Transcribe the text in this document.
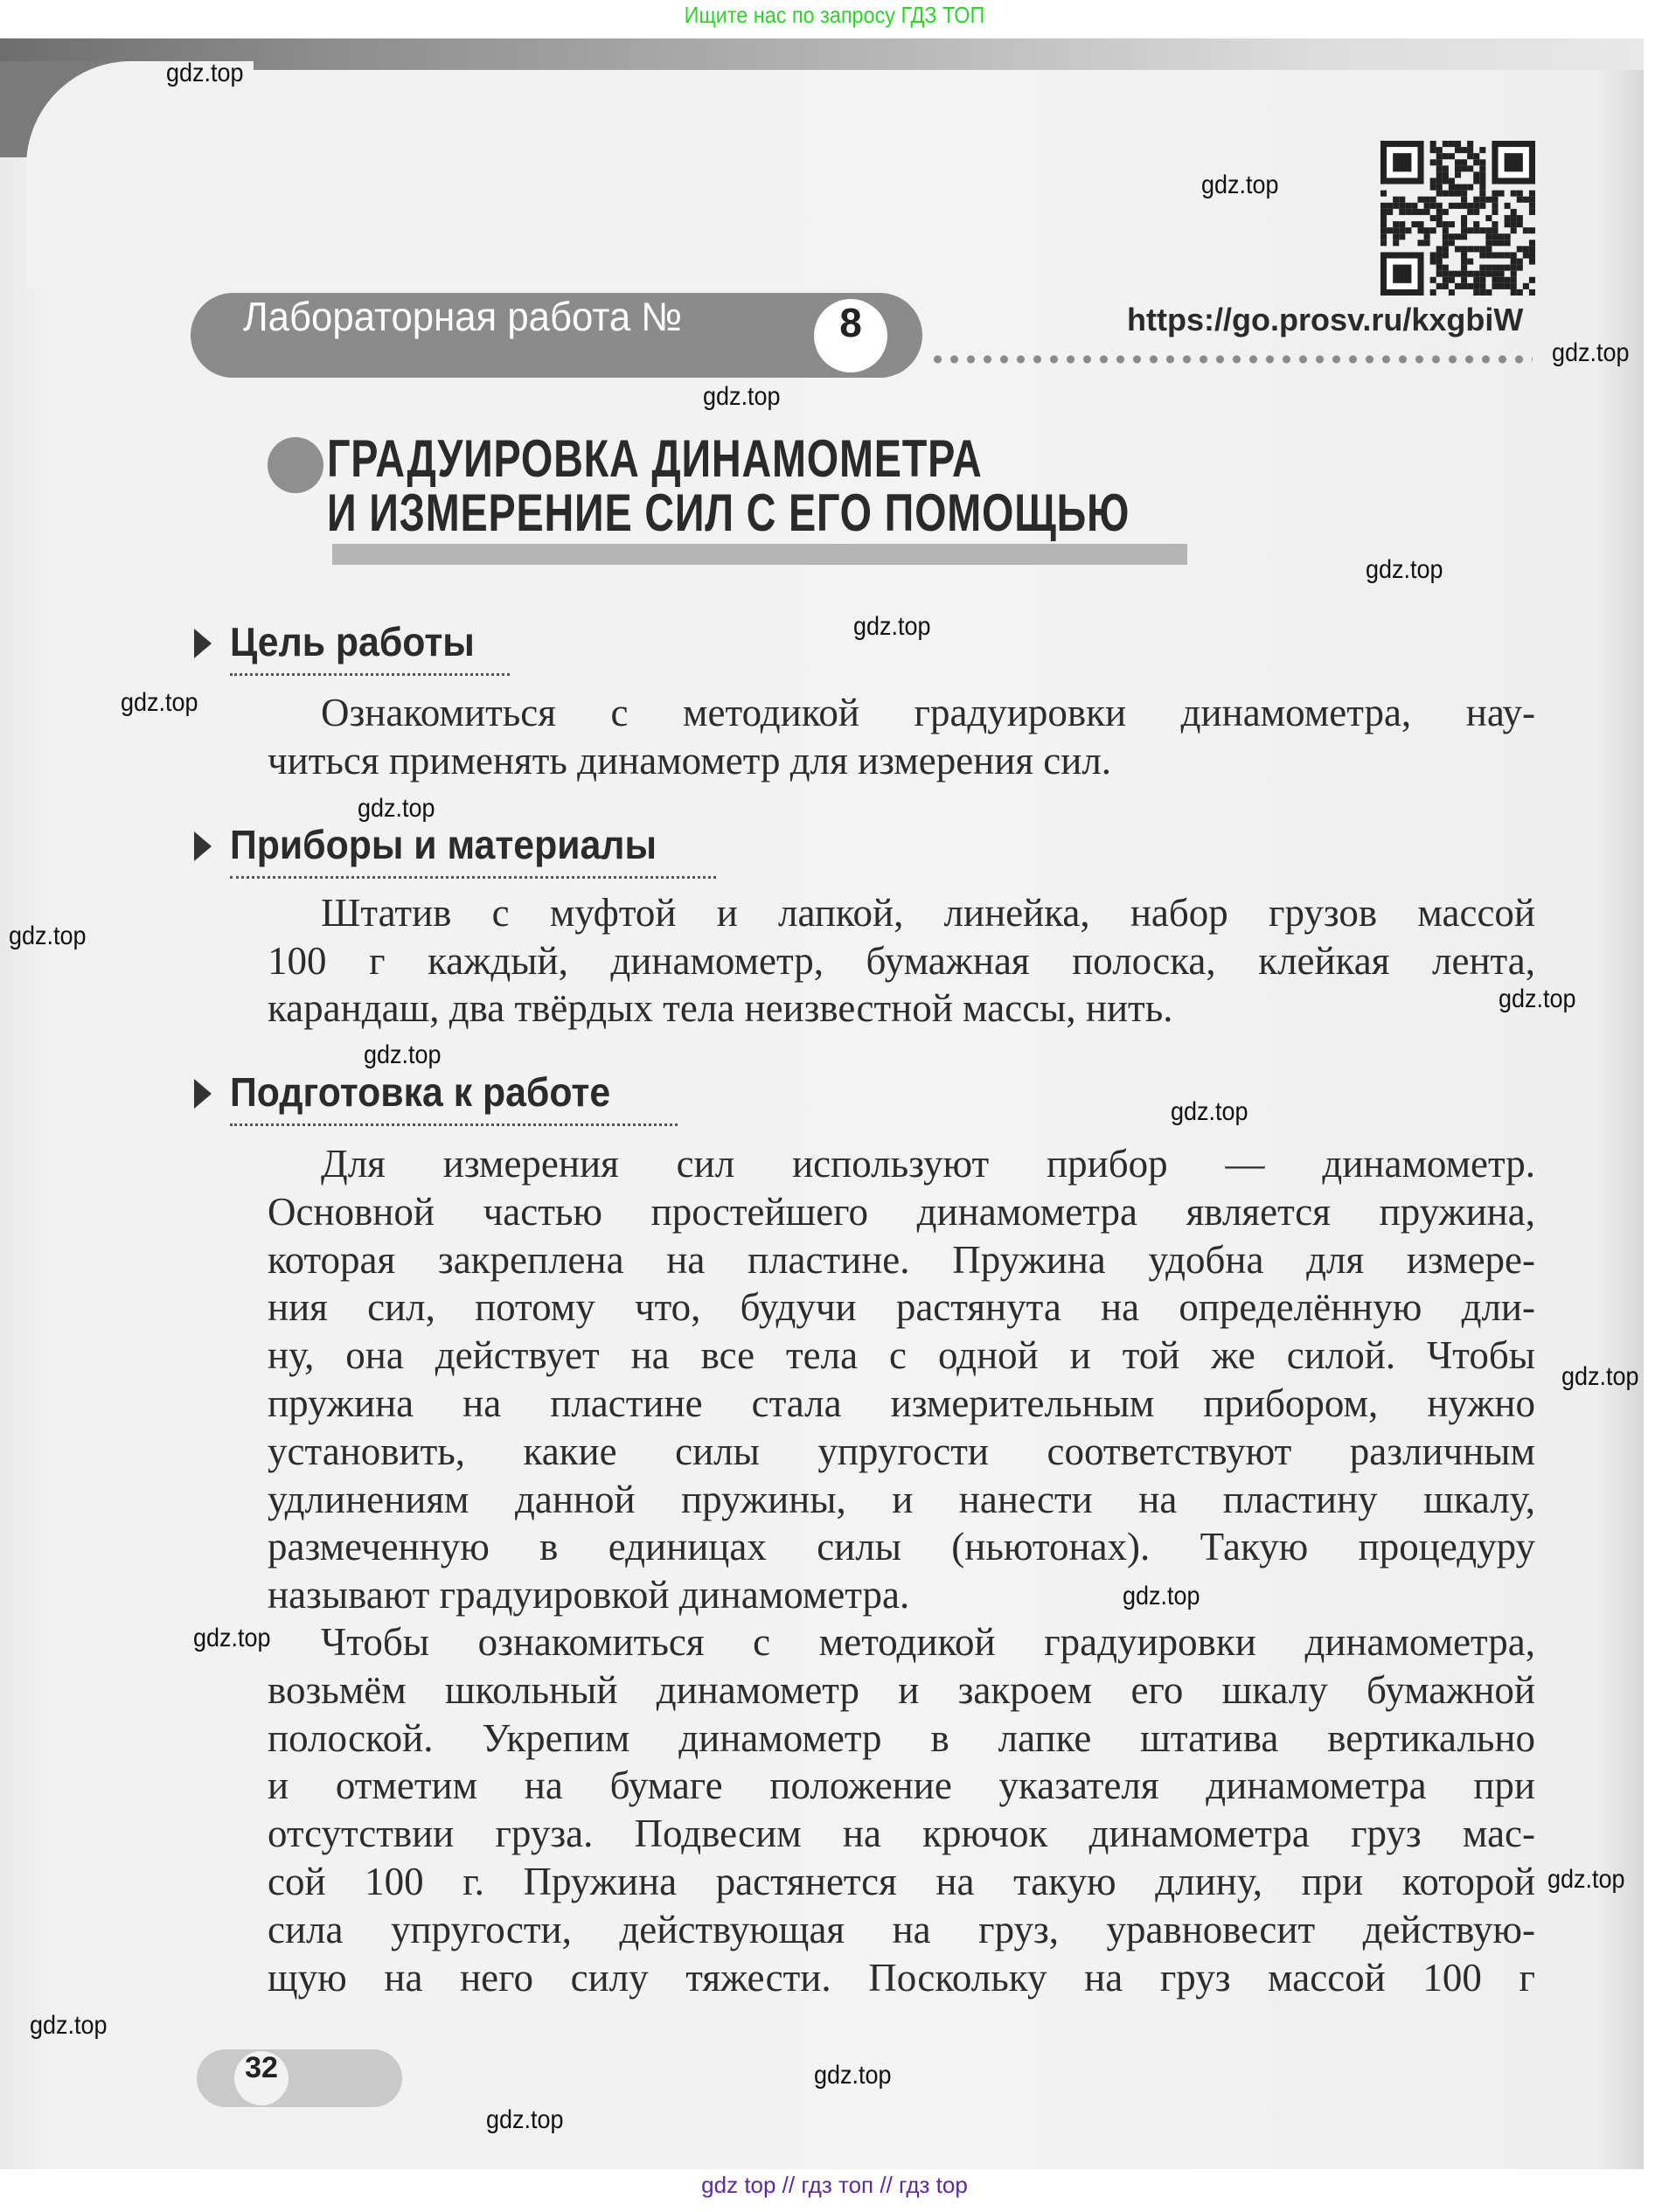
Ищите нас по запросу ГДЗ ТОП
https://go.prosv.ru/kxgbiW
Лабораторная работа №	8
ГРАДУИРОВКА ДИНАМОМЕТРА
И ИЗМЕРЕНИЕ СИЛ С ЕГО ПОМОЩЬЮ
Цель работы
Ознакомиться с методикой градуировки динамометра, нау-
читься применять динамометр для измерения сил.
Приборы и материалы
Штатив с муфтой и лапкой, линейка, набор грузов массой
100 г каждый, динамометр, бумажная полоска, клейкая лента,
карандаш, два твёрдых тела неизвестной массы, нить.
Подготовка к работе
Для измерения сил используют прибор — динамометр.
Основной частью простейшего динамометра является пружина,
которая закреплена на пластине. Пружина удобна для измере-
ния сил, потому что, будучи растянута на определённую дли-
ну, она действует на все тела с одной и той же силой. Чтобы
пружина на пластине стала измерительным прибором, нужно
установить, какие силы упругости соответствуют различным
удлинениям данной пружины, и нанести на пластину шкалу,
размеченную в единицах силы (ньютонах). Такую процедуру
называют градуировкой динамометра.
Чтобы ознакомиться с методикой градуировки динамометра,
возьмём школьный динамометр и закроем его шкалу бумажной
полоской. Укрепим динамометр в лапке штатива вертикально
и отметим на бумаге положение указателя динамометра при
отсутствии груза. Подвесим на крючок динамометра груз мас-
сой 100 г. Пружина растянется на такую длину, при которой
сила упругости, действующая на груз, уравновесит действую-
щую на него силу тяжести. Поскольку на груз массой 100 г
32
gdz.top
gdz.top
gdz.top
gdz.top
gdz.top
gdz.top
gdz.top
gdz.top
gdz.top
gdz.top
gdz.top
gdz.top
gdz.top
gdz.top
gdz.top
gdz.top
gdz.top
gdz.top
gdz.top
gdz top // гдз топ // гдз top
